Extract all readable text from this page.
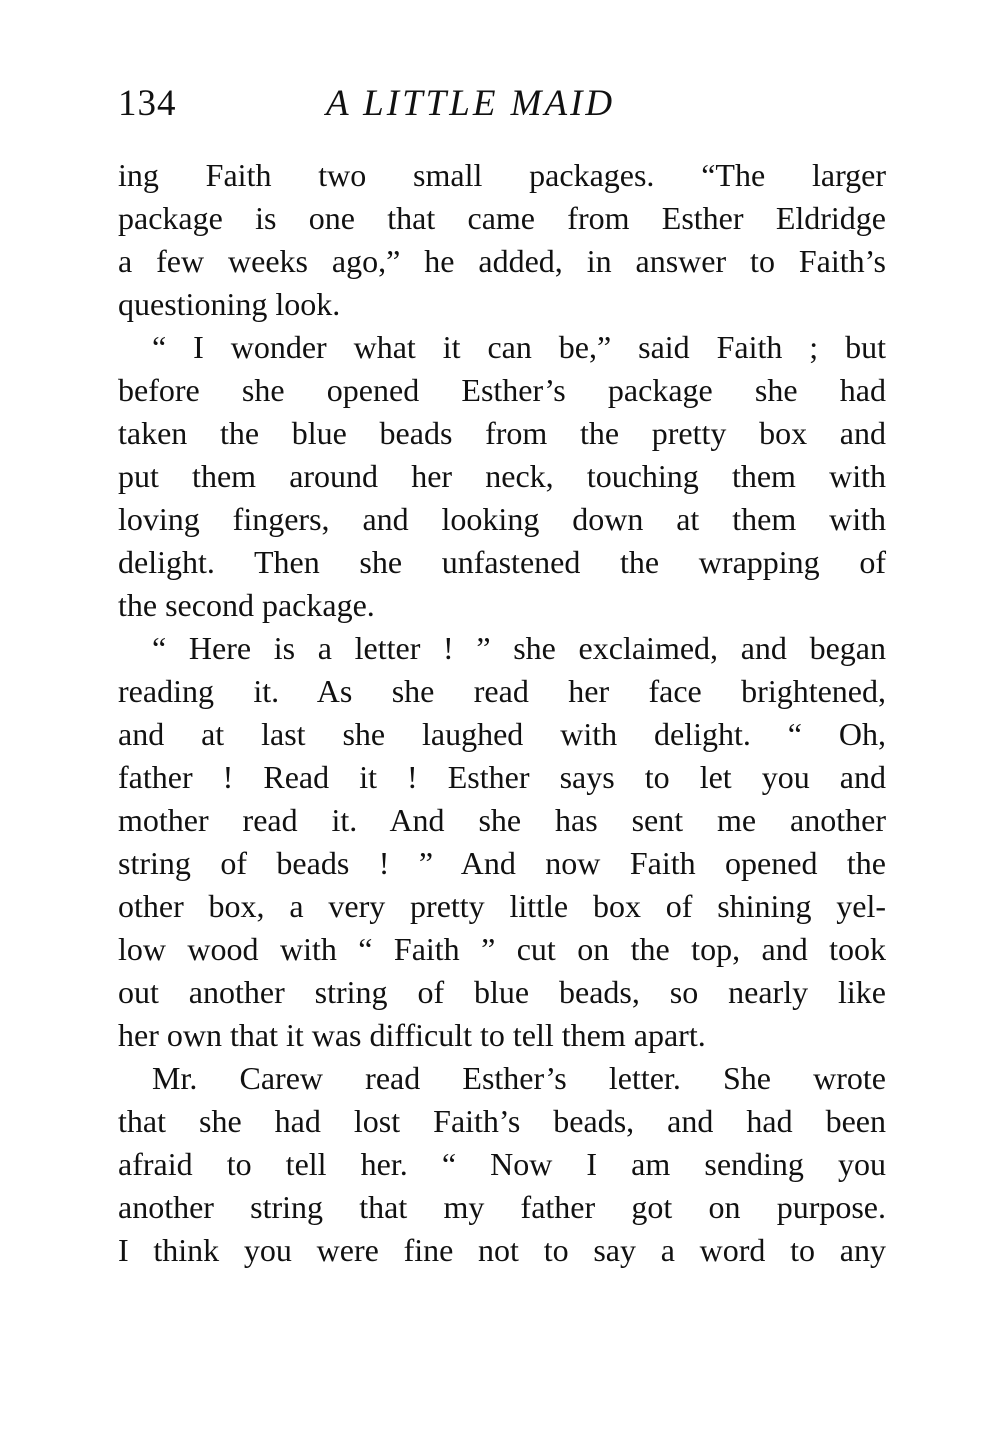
134	A LITTLE MAID
ing Faith two small packages. “The larger
package is one that came from Esther Eldridge
a few weeks ago,” he added, in answer to Faith’s
questioning look.
“ I wonder what it can be,” said Faith ; but
before she opened Esther’s package she had
taken the blue beads from the pretty box and
put them around her neck, touching them with
loving fingers, and looking down at them with
delight. Then she unfastened the wrapping of
the second package.
“ Here is a letter ! ” she exclaimed, and began
reading it. As she read her face brightened,
and at last she laughed with delight. “ Oh,
father ! Read it ! Esther says to let you and
mother read it. And she has sent me another
string of beads ! ” And now Faith opened the
other box, a very pretty little box of shining yel-
low wood with “ Faith ” cut on the top, and took
out another string of blue beads, so nearly like
her own that it was difficult to tell them apart.
Mr. Carew read Esther’s letter. She wrote
that she had lost Faith’s beads, and had been
afraid to tell her. “ Now I am sending you
another string that my father got on purpose.
I think you were fine not to say a word to any
